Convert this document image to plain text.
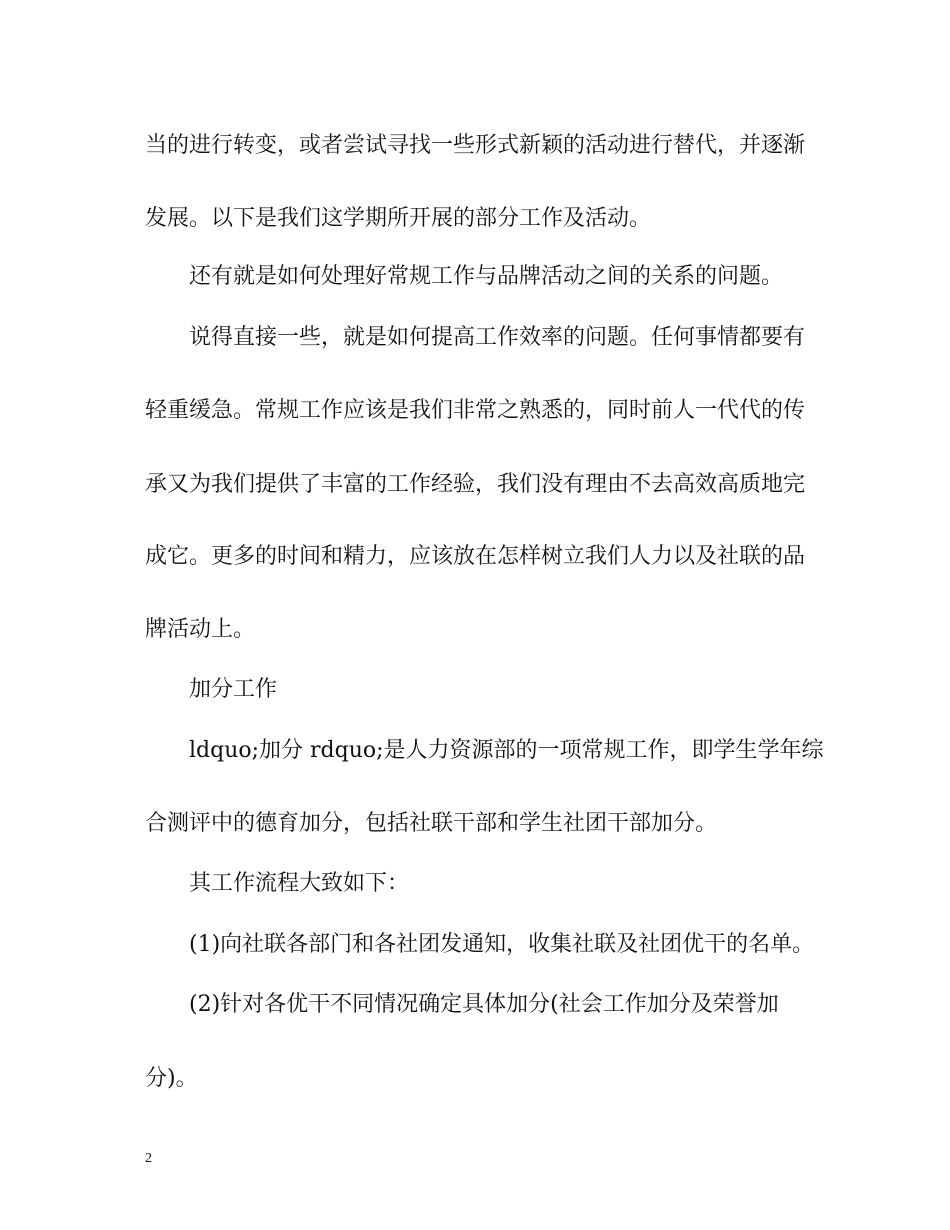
当的进行转变，或者尝试寻找一些形式新颖的活动进行替代，并逐渐
发展。以下是我们这学期所开展的部分工作及活动。
还有就是如何处理好常规工作与品牌活动之间的关系的问题。
说得直接一些，就是如何提高工作效率的问题。任何事情都要有
轻重缓急。常规工作应该是我们非常之熟悉的，同时前人一代代的传
承又为我们提供了丰富的工作经验，我们没有理由不去高效高质地完
成它。更多的时间和精力，应该放在怎样树立我们人力以及社联的品
牌活动上。
加分工作
ldquo;加分 rdquo;是人力资源部的一项常规工作，即学生学年综
合测评中的德育加分，包括社联干部和学生社团干部加分。
其工作流程大致如下：
(1)向社联各部门和各社团发通知，收集社联及社团优干的名单。
(2)针对各优干不同情况确定具体加分(社会工作加分及荣誉加
分)。
2
